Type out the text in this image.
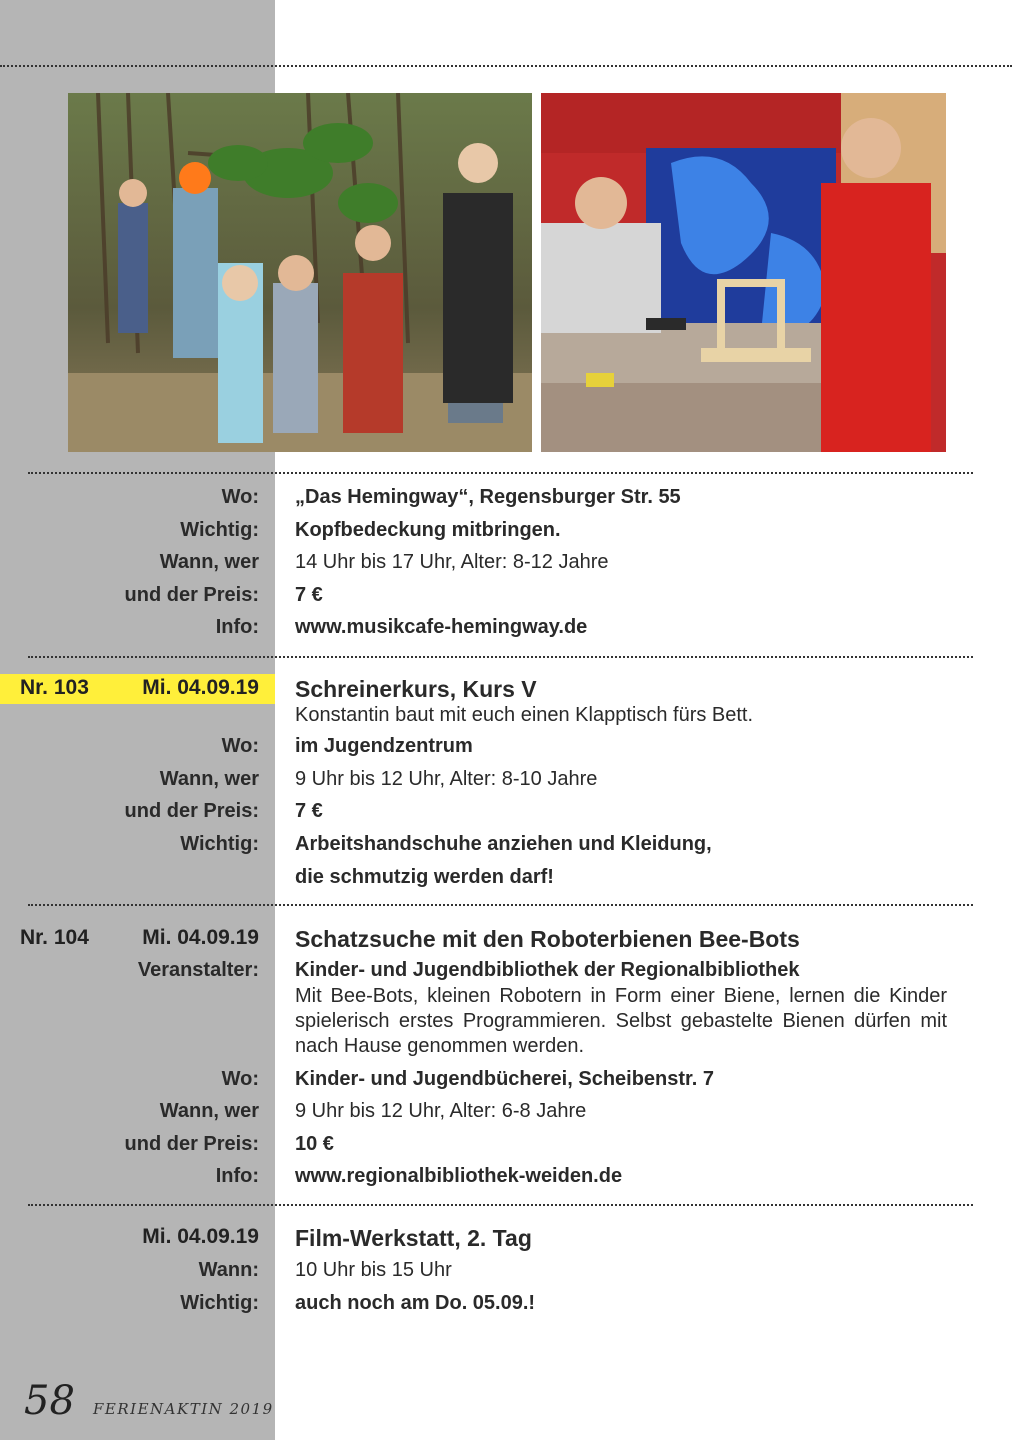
Wo: „Das Hemingway“, Regensburger Str. 55
Wichtig: Kopfbedeckung mitbringen.
Wann, wer 14 Uhr bis 17 Uhr, Alter: 8-12 Jahre
und der Preis: 7 €
Info: www.musikcafe-hemingway.de
Nr. 103	Mi. 04.09.19 Schreinerkurs, Kurs V
Konstantin baut mit euch einen Klapptisch fürs Bett.
Wo: im Jugendzentrum
Wann, wer 9 Uhr bis 12 Uhr, Alter: 8-10 Jahre
und der Preis: 7 €
Wichtig: Arbeitshandschuhe anziehen und Kleidung,
die schmutzig werden darf!
Nr. 104	Mi. 04.09.19 Schatzsuche mit den Roboterbienen Bee-Bots
Veranstalter: Kinder- und Jugendbibliothek der Regionalbibliothek
Mit Bee-Bots, kleinen Robotern in Form einer Biene, lernen die Kinder spielerisch erstes Programmieren. Selbst gebastelte Bienen dürfen mit nach Hause genommen werden.
Wo: Kinder- und Jugendbücherei, Scheibenstr. 7
Wann, wer 9 Uhr bis 12 Uhr, Alter: 6-8 Jahre
und der Preis: 10 €
Info: www.regionalbibliothek-weiden.de
Mi. 04.09.19 Film-Werkstatt, 2. Tag
Wann: 10 Uhr bis 15 Uhr
Wichtig: auch noch am Do. 05.09.!
58 FERIENAKTIN 2019
